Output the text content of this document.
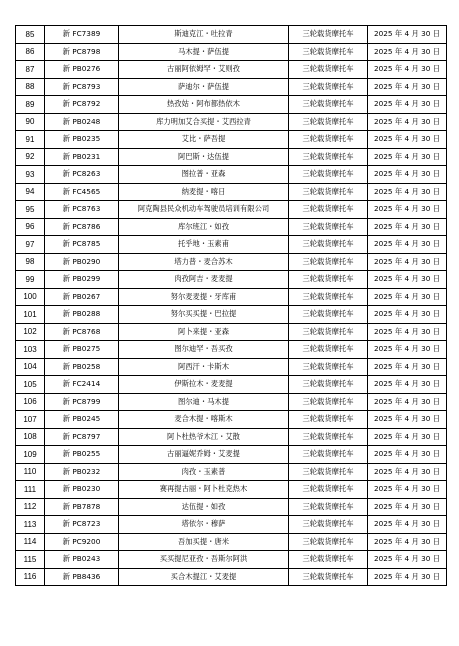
85	新 FC7389	斯迪克江・吐拉青	三轮载货摩托车	2025 年 4 月 30 日
86	新 PC8798	马木提・萨伍提	三轮载货摩托车	2025 年 4 月 30 日
87	新 PB0276	古丽阿依姆罕・艾则孜	三轮载货摩托车	2025 年 4 月 30 日
88	新 PC8793	萨迪尔・萨伍提	三轮载货摩托车	2025 年 4 月 30 日
89	新 PC8792	热孜姑・阿布都热依木	三轮载货摩托车	2025 年 4 月 30 日
90	新 PB0248	库力明加艾合买提・艾西拉青	三轮载货摩托车	2025 年 4 月 30 日
91	新 PB0235	艾比・萨吾提	三轮载货摩托车	2025 年 4 月 30 日
92	新 PB0231	阿巴斯・达伍提	三轮载货摩托车	2025 年 4 月 30 日
93	新 PC8263	图拉普・亚森	三轮载货摩托车	2025 年 4 月 30 日
94	新 FC4565	纳麦提・喀日	三轮载货摩托车	2025 年 4 月 30 日
95	新 PC8763	阿克陶县民众机动车驾驶员培训有限公司	三轮载货摩托车	2025 年 4 月 30 日
96	新 PC8786	库尔班江・如孜	三轮载货摩托车	2025 年 4 月 30 日
97	新 PC8785	托乎地・玉素甫	三轮载货摩托车	2025 年 4 月 30 日
98	新 PB0290	塔力普・麦合苏木	三轮载货摩托车	2025 年 4 月 30 日
99	新 PB0299	肉孜阿吉・麦麦提	三轮载货摩托车	2025 年 4 月 30 日
100	新 PB0267	努尔麦麦提・牙库甫	三轮载货摩托车	2025 年 4 月 30 日
101	新 PB0288	努尔买买提・巴拉提	三轮载货摩托车	2025 年 4 月 30 日
102	新 PC8768	阿卜来提・亚森	三轮载货摩托车	2025 年 4 月 30 日
103	新 PB0275	图尔迪罕・吾买孜	三轮载货摩托车	2025 年 4 月 30 日
104	新 PB0258	阿西汗・卡斯木	三轮载货摩托车	2025 年 4 月 30 日
105	新 FC2414	伊斯拉木・麦麦提	三轮载货摩托车	2025 年 4 月 30 日
106	新 PC8799	图尔迪・马木提	三轮载货摩托车	2025 年 4 月 30 日
107	新 PB0245	麦合木提・喀斯木	三轮载货摩托车	2025 年 4 月 30 日
108	新 PC8797	阿卜杜热爷木江・艾散	三轮载货摩托车	2025 年 4 月 30 日
109	新 PB0255	古丽逼妮乔姆・艾麦提	三轮载货摩托车	2025 年 4 月 30 日
110	新 PB0232	肉孜・玉素普	三轮载货摩托车	2025 年 4 月 30 日
111	新 PB0230	赛再提古丽・阿卜杜克热木	三轮载货摩托车	2025 年 4 月 30 日
112	新 PB7878	达伍提・如孜	三轮载货摩托车	2025 年 4 月 30 日
113	新 PC8723	塔依尔・穆萨	三轮载货摩托车	2025 年 4 月 30 日
114	新 PC9200	吾加买提・唐米	三轮载货摩托车	2025 年 4 月 30 日
115	新 PB0243	买买提尼亚孜・吾斯尔阿洪	三轮载货摩托车	2025 年 4 月 30 日
116	新 PB8436	买合木提江・艾麦提	三轮载货摩托车	2025 年 4 月 30 日
